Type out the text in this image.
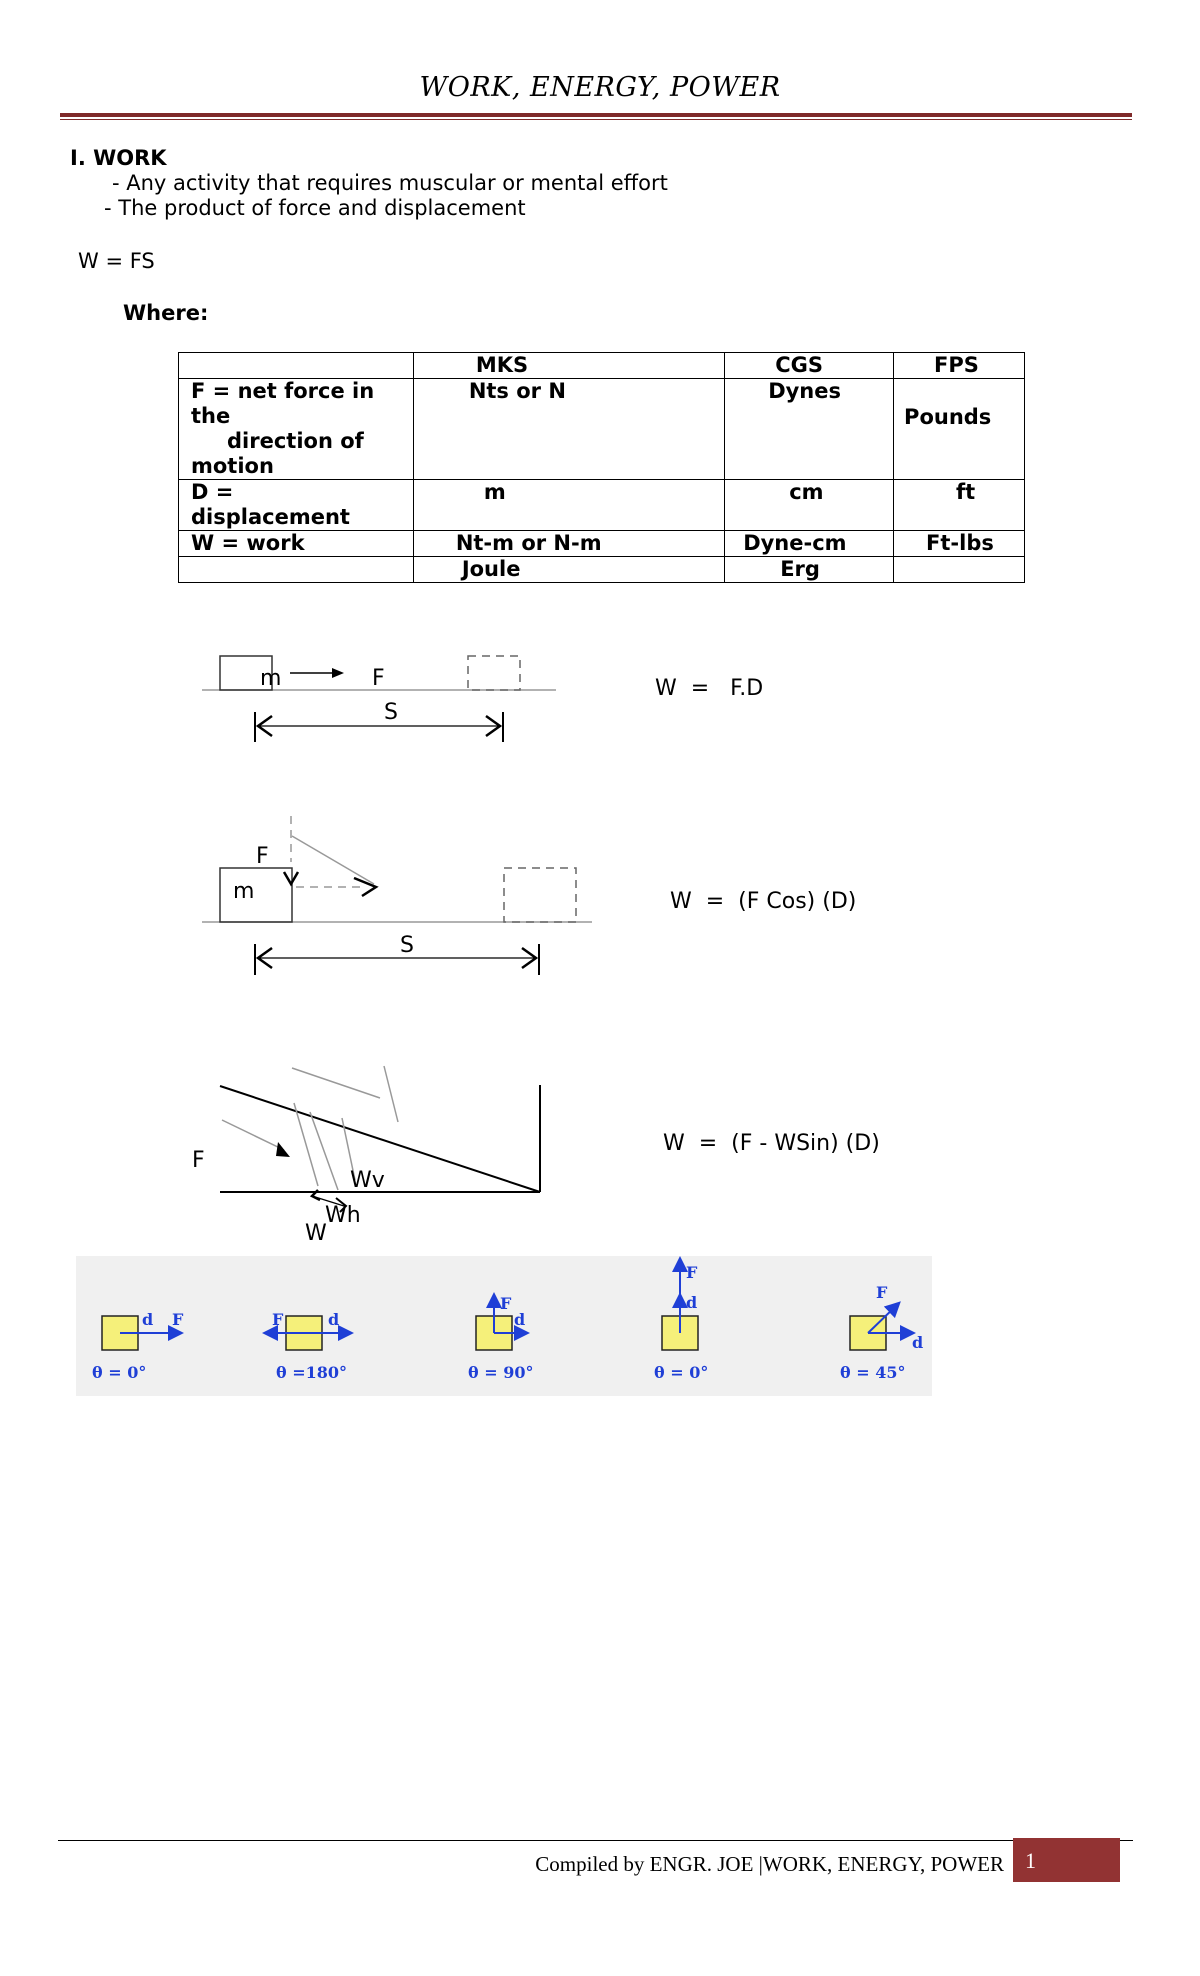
WORK, ENERGY, POWER
I. WORK
- Any activity that requires muscular or mental effort
- The product of force and displacement
W = FS
Where:
	MKS	CGS	FPS

F = net force in
the
direction of
motion	Nts or N	Dynes	Pounds

D =
displacement	m	cm	ft
W = work	Nt-m or N-m	Dyne-cm	Ft-lbs
	Joule	Erg	
m	F
S
F
m
S
F
Wv
Wh
W
W  =   F.D
W  =  (F Cos) (D)
W  =  (F - WSin) (D)
d F
θ = 0°
F	d
θ =180°
F
d
θ = 90°
F
d
θ = 0°
F
d
θ = 45°
Compiled by ENGR. JOE |WORK, ENERGY, POWER 1
